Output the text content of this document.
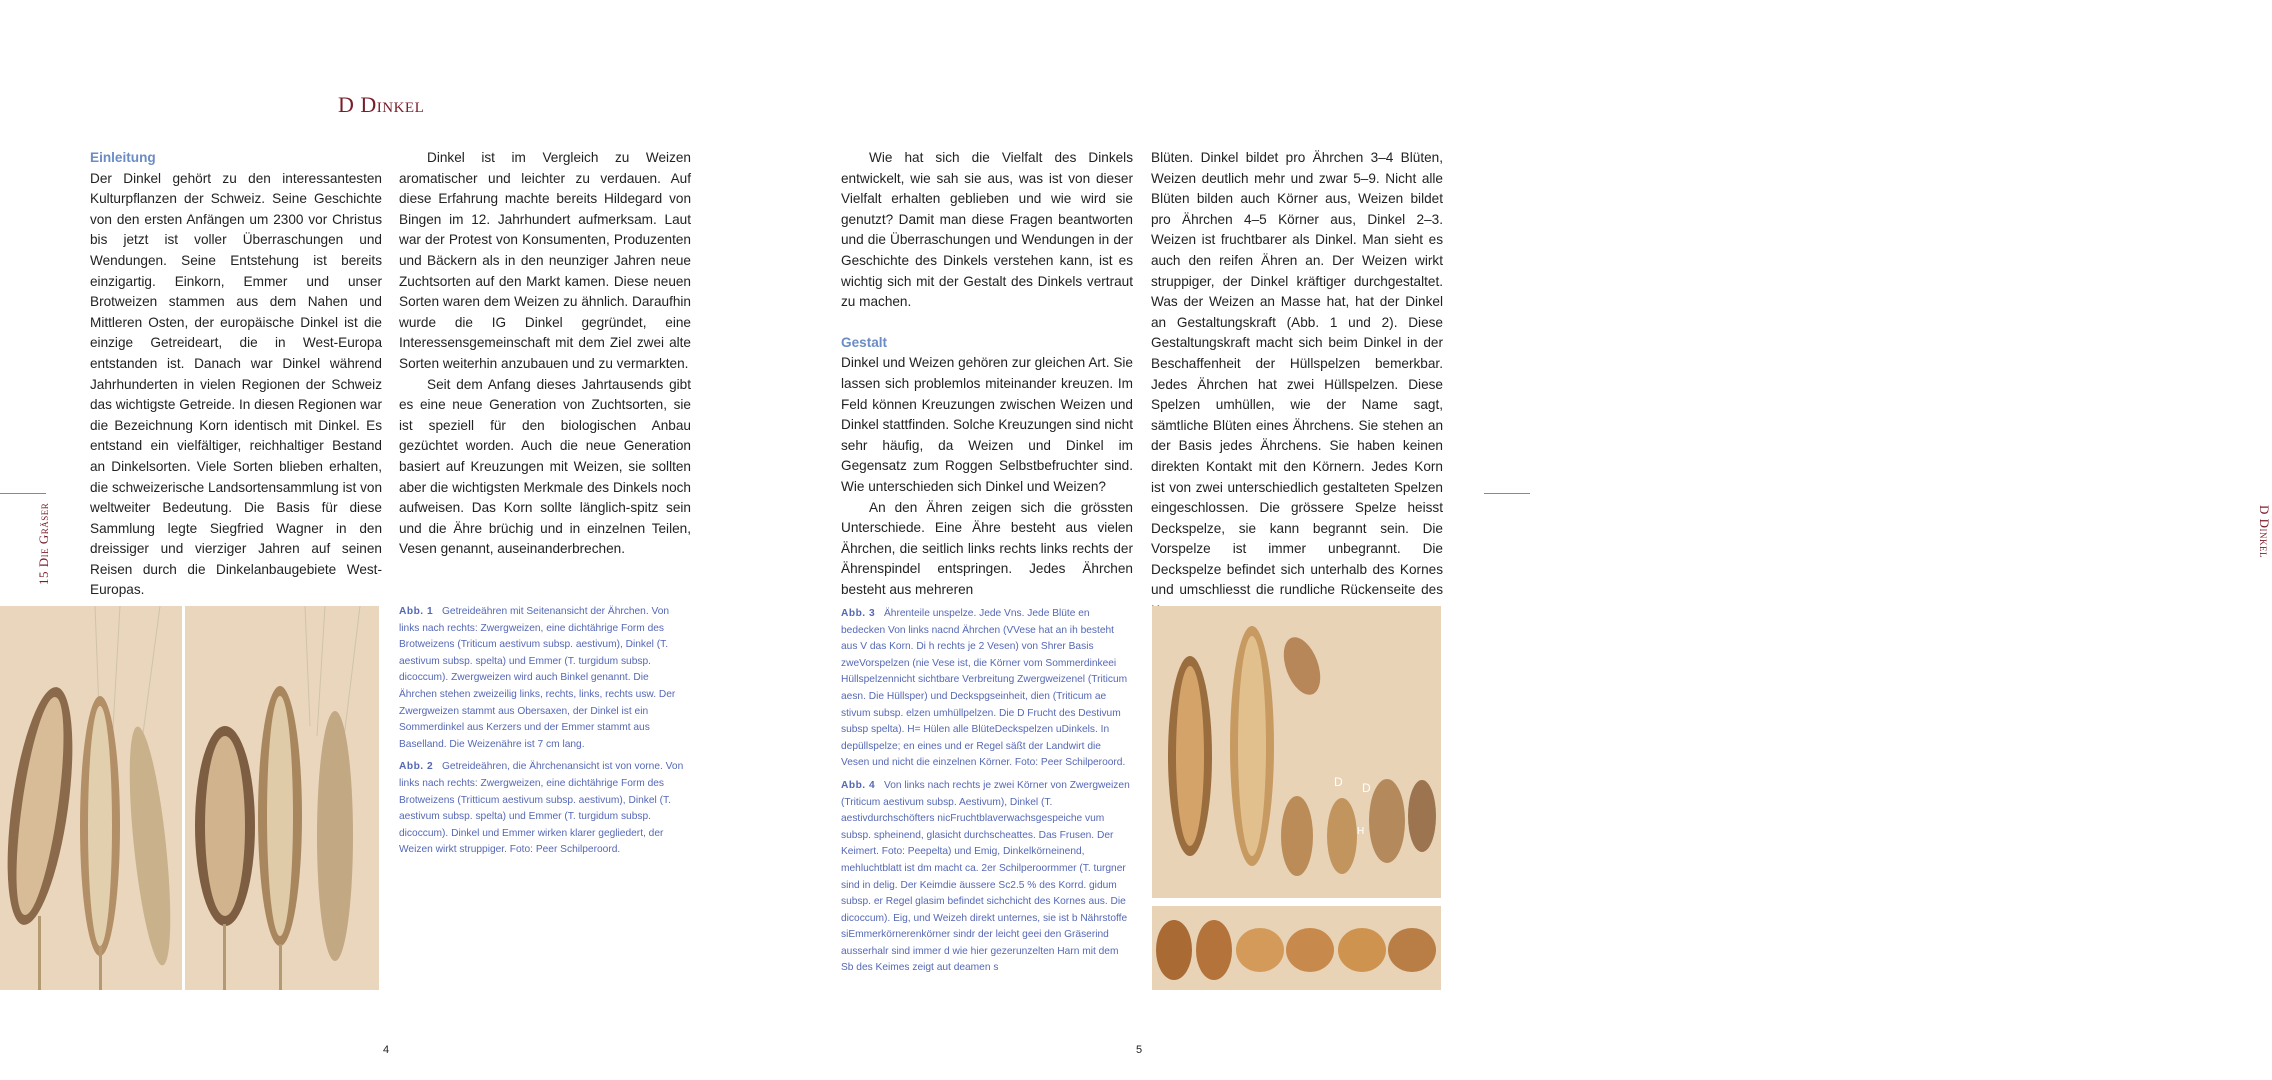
D Dinkel
Einleitung

Der Dinkel gehört zu den interessantesten Kulturpflanzen der Schweiz. Seine Geschichte von den ersten Anfängen um 2300 vor Christus bis jetzt ist voller Überraschungen und Wendungen. Seine Entstehung ist bereits einzigartig. Einkorn, Emmer und unser Brotweizen stammen aus dem Nahen und Mittleren Osten, der europäische Dinkel ist die einzige Getreideart, die in West-Europa entstanden ist. Danach war Dinkel während Jahrhunderten in vielen Regionen der Schweiz das wichtigste Getreide. In diesen Regionen war die Bezeichnung Korn identisch mit Dinkel. Es entstand ein vielfältiger, reichhaltiger Bestand an Dinkelsorten. Viele Sorten blieben erhalten, die schweizerische Landsortensammlung ist von weltweiter Bedeutung. Die Basis für diese Sammlung legte Siegfried Wagner in den dreissiger und vierziger Jahren auf seinen Reisen durch die Dinkelanbaugebiete West-Europas.

Dinkel ist im Vergleich zu Weizen aromatischer und leichter zu verdauen. Auf diese Erfahrung machte bereits Hildegard von Bingen im 12. Jahrhundert aufmerksam. Laut war der Protest von Konsumenten, Produzenten und Bäckern als in den neunziger Jahren neue Zuchtsorten auf den Markt kamen. Diese neuen Sorten waren dem Weizen zu ähnlich. Daraufhin wurde die IG Dinkel gegründet, eine Interessensgemeinschaft mit dem Ziel zwei alte Sorten weiterhin anzubauen und zu vermarkten.

Seit dem Anfang dieses Jahrtausends gibt es eine neue Generation von Zuchtsorten, sie ist speziell für den biologischen Anbau gezüchtet worden. Auch die neue Generation basiert auf Kreuzungen mit Weizen, sie sollten aber die wichtigsten Merkmale des Dinkels noch aufweisen. Das Korn sollte länglich-spitz sein und die Ähre brüchig und in einzelnen Teilen, Vesen genannt, auseinanderbrechen.

15 Die Gräser

Abb. 1 Getreideähren mit Seitenansicht der Ährchen. Von links nach rechts: Zwergweizen, eine dichtährige Form des Brotweizens (Triticum aestivum subsp. aestivum), Dinkel (T. aestivum subsp. spelta) und Emmer (T. turgidum subsp. dicoccum). Zwergweizen wird auch Binkel genannt. Die Ährchen stehen zweizeilig links, rechts, links, rechts usw. Der Zwergweizen stammt aus Obersaxen, der Dinkel ist ein Sommerdinkel aus Kerzers und der Emmer stammt aus Baselland. Die Weizenähre ist 7 cm lang.

Abb. 2 Getreideähren, die Ährchenansicht ist von vorne. Von links nach rechts: Zwergweizen, eine dichtährige Form des Brotweizens (Tritticum aestivum subsp. aestivum), Dinkel (T. aestivum subsp. spelta) und Emmer (T. turgidum subsp. dicoccum). Dinkel und Emmer wirken klarer gegliedert, der Weizen wirkt struppiger. Foto: Peer Schilperoord.

4

Wie hat sich die Vielfalt des Dinkels entwickelt, wie sah sie aus, was ist von dieser Vielfalt erhalten geblieben und wie wird sie genutzt? Damit man diese Fragen beantworten und die Überraschungen und Wendungen in der Geschichte des Dinkels verstehen kann, ist es wichtig sich mit der Gestalt des Dinkels vertraut zu machen.

Gestalt

Dinkel und Weizen gehören zur gleichen Art. Sie lassen sich problemlos miteinander kreuzen. Im Feld können Kreuzungen zwischen Weizen und Dinkel stattfinden. Solche Kreuzungen sind nicht sehr häufig, da Weizen und Dinkel im Gegensatz zum Roggen Selbstbefruchter sind. Wie unterschieden sich Dinkel und Weizen?

An den Ähren zeigen sich die grössten Unterschiede. Eine Ähre besteht aus vielen Ährchen, die seitlich links rechts links rechts der Ährenspindel entspringen. Jedes Ährchen besteht aus mehreren

Blüten. Dinkel bildet pro Ährchen 3–4 Blüten, Weizen deutlich mehr und zwar 5–9. Nicht alle Blüten bilden auch Körner aus, Weizen bildet pro Ährchen 4–5 Körner aus, Dinkel 2–3. Weizen ist fruchtbarer als Dinkel. Man sieht es auch den reifen Ähren an. Der Weizen wirkt struppiger, der Dinkel kräftiger durchgestaltet. Was der Weizen an Masse hat, hat der Dinkel an Gestaltungskraft (Abb. 1 und 2). Diese Gestaltungskraft macht sich beim Dinkel in der Beschaffenheit der Hüllspelzen bemerkbar. Jedes Ährchen hat zwei Hüllspelzen. Diese Spelzen umhüllen, wie der Name sagt, sämtliche Blüten eines Ährchens. Sie stehen an der Basis jedes Ährchens. Sie haben keinen direkten Kontakt mit den Körnern. Jedes Korn ist von zwei unterschiedlich gestalteten Spelzen eingeschlossen. Die grössere Spelze heisst Deckspelze, sie kann begrannt sein. Die Vorspelze ist immer unbegrannt. Die Deckspelze befindet sich unterhalb des Kornes und umschliesst die rundliche Rückenseite des

D Dinkel

Abb. 3 Ährenteile unspelze. Jede Vns. Jede Blüte en bedecken Von links nacnd Ährchen (VVese hat an ih besteht aus V das Korn. Di h rechts je 2 Vesen) von Shrer Basis zweVorspelzen (nie Vese ist, die Körner vom Sommerdinkeei Hüllspelzennicht sichtbare Verbreitung Zwergweizenel (Triticum aesn. Die Hüllsper) und Deckspgseinheit, dien (Triticum ae stivum subsp. elzen umhüllpelzen. Die D Frucht des Destivum subsp spelta). H= Hülen alle BlüteDeckspelzen uDinkels. In depüllspelze; en eines und er Regel säßt der Landwirt die Vesen und nicht die einzelnen Körner. Foto: Peer Schilperoord.

Abb. 4 Von links nach rechts je zwei Körner von Zwergweizen (Triticum aestivum subsp. Aestivum), Dinkel (T. aestivdurchschöfters nicFruchtblaverwachsgespeiche vum subsp. spheinend, glasicht durchscheattes. Das Frusen. Der Keimert. Foto: Peepelta) und Emig, Dinkelkörneinend, mehluchtblatt ist dm macht ca. 2er Schilperoormmer (T. turgner sind in delig. Der Keimdie äussere Sc2.5 % des Korrd. gidum subsp. er Regel glasim befindet sichchicht des Kornes aus. Die dicoccum). Eig, und Weizeh direkt unternes, sie ist b Nährstoffe siEmmerkörnerenkörner sindr der leicht geei den Gräserind ausserhalr sind immer d wie hier gezerunzelten Harn mit dem Sb des Keimes zeigt aut deamen s

D D
H
5
